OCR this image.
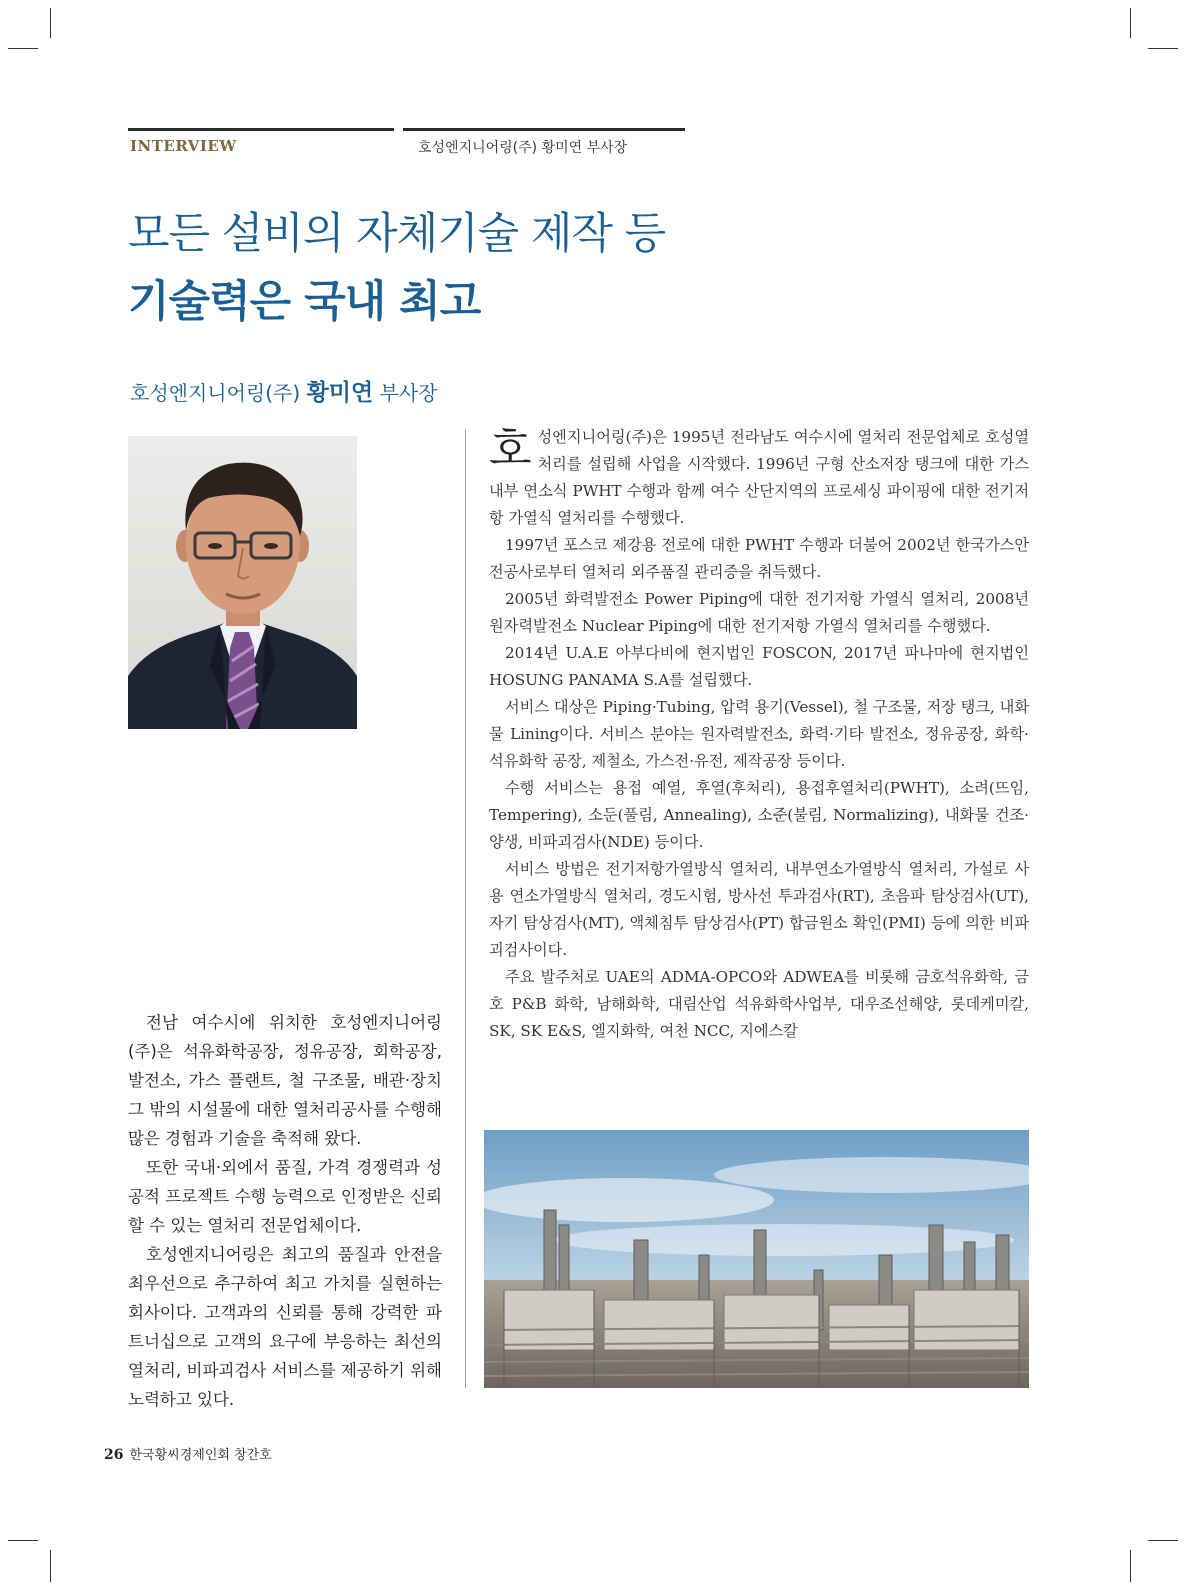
INTERVIEW	호성엔지니어링(주) 황미연 부사장
모든 설비의 자체기술 제작 등
기술력은 국내 최고
호성엔지니어링(주) 황미연 부사장

전남 여수시에 위치한 호성엔지니어링(주)은 석유화학공장, 정유공장, 회학공장, 발전소, 가스 플랜트, 철 구조물, 배관·장치 그 밖의 시설물에 대한 열처리공사를 수행해 많은 경험과 기술을 축적해 왔다.

또한 국내·외에서 품질, 가격 경쟁력과 성공적 프로젝트 수행 능력으로 인정받은 신뢰할 수 있는 열처리 전문업체이다.

호성엔지니어링은 최고의 품질과 안전을 최우선으로 추구하여 최고 가치를 실현하는 회사이다. 고객과의 신뢰를 통해 강력한 파트너십으로 고객의 요구에 부응하는 최선의 열처리, 비파괴검사 서비스를 제공하기 위해 노력하고 있다.

호성엔지니어링(주)은 1995년 전라남도 여수시에 열처리 전문업체로 호성열처리를 설립해 사업을 시작했다. 1996년 구형 산소저장 탱크에 대한 가스 내부 연소식 PWHT 수행과 함께 여수 산단지역의 프로세싱 파이핑에 대한 전기저항 가열식 열처리를 수행했다.

1997년 포스코 제강용 전로에 대한 PWHT 수행과 더불어 2002년 한국가스안전공사로부터 열처리 외주품질 관리증을 취득했다.

2005년 화력발전소 Power Piping에 대한 전기저항 가열식 열처리, 2008년 원자력발전소 Nuclear Piping에 대한 전기저항 가열식 열처리를 수행했다.

2014년 U.A.E 아부다비에 현지법인 FOSCON, 2017년 파나마에 현지법인 HOSUNG PANAMA S.A를 설립했다.

서비스 대상은 Piping·Tubing, 압력 용기(Vessel), 철 구조물, 저장 탱크, 내화물 Lining이다. 서비스 분야는 원자력발전소, 화력·기타 발전소, 정유공장, 화학·석유화학 공장, 제철소, 가스전·유전, 제작공장 등이다.

수행 서비스는 용접 예열, 후열(후처리), 용접후열처리(PWHT), 소려(뜨임, Tempering), 소둔(풀림, Annealing), 소준(불림, Normalizing), 내화물 건조·양생, 비파괴검사(NDE) 등이다.

서비스 방법은 전기저항가열방식 열처리, 내부연소가열방식 열처리, 가설로 사용 연소가열방식 열처리, 경도시험, 방사선 투과검사(RT), 초음파 탐상검사(UT), 자기 탐상검사(MT), 액체침투 탐상검사(PT) 합금원소 확인(PMI) 등에 의한 비파괴검사이다.

주요 발주처로 UAE의 ADMA-OPCO와 ADWEA를 비롯해 금호석유화학, 금호 P&B 화학, 남해화학, 대림산업 석유화학사업부, 대우조선해양, 롯데케미칼, SK, SK E&S, 엘지화학, 여천 NCC, 지에스칼

26 한국황씨경제인회 창간호
